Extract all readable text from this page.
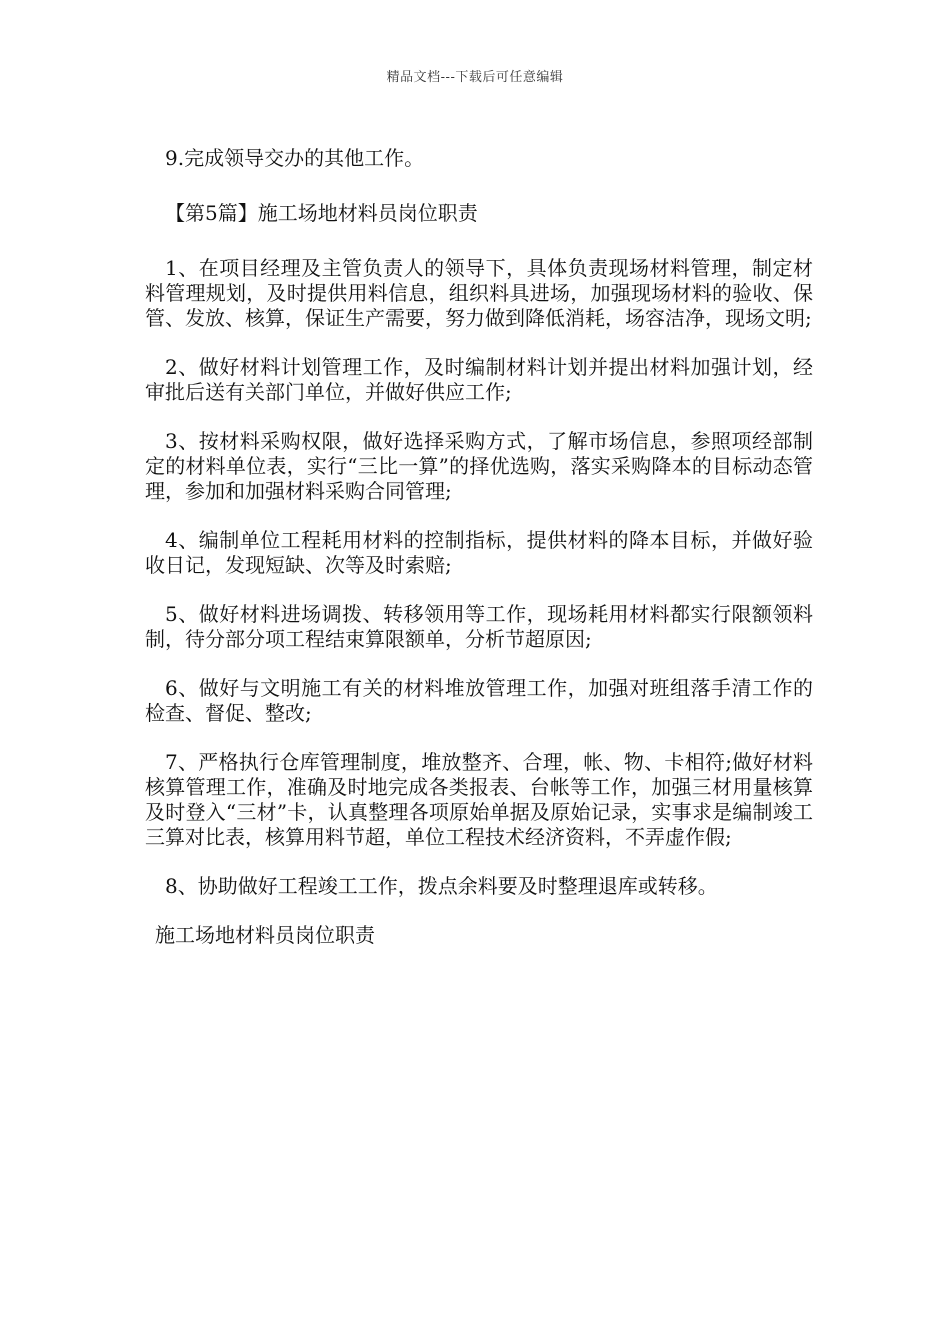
精品文档---下载后可任意编辑

9.完成领导交办的其他工作。

【第5篇】施工场地材料员岗位职责

1、在项目经理及主管负责人的领导下，具体负责现场材料管理，制定材料管理规划，及时提供用料信息，组织料具进场，加强现场材料的验收、保管、发放、核算，保证生产需要，努力做到降低消耗，场容洁净，现场文明;

2、做好材料计划管理工作，及时编制材料计划并提出材料加强计划，经审批后送有关部门单位，并做好供应工作;

3、按材料采购权限，做好选择采购方式，了解市场信息，参照项经部制定的材料单位表，实行“三比一算”的择优选购，落实采购降本的目标动态管理，参加和加强材料采购合同管理;

4、编制单位工程耗用材料的控制指标，提供材料的降本目标，并做好验收日记，发现短缺、次等及时索赔;

5、做好材料进场调拨、转移领用等工作，现场耗用材料都实行限额领料制，待分部分项工程结束算限额单，分析节超原因;

6、做好与文明施工有关的材料堆放管理工作，加强对班组落手清工作的检查、督促、整改;

7、严格执行仓库管理制度，堆放整齐、合理，帐、物、卡相符;做好材料核算管理工作，准确及时地完成各类报表、台帐等工作，加强三材用量核算及时登入“三材”卡，认真整理各项原始单据及原始记录，实事求是编制竣工三算对比表，核算用料节超，单位工程技术经济资料，不弄虚作假;

8、协助做好工程竣工工作，拨点余料要及时整理退库或转移。

施工场地材料员岗位职责
